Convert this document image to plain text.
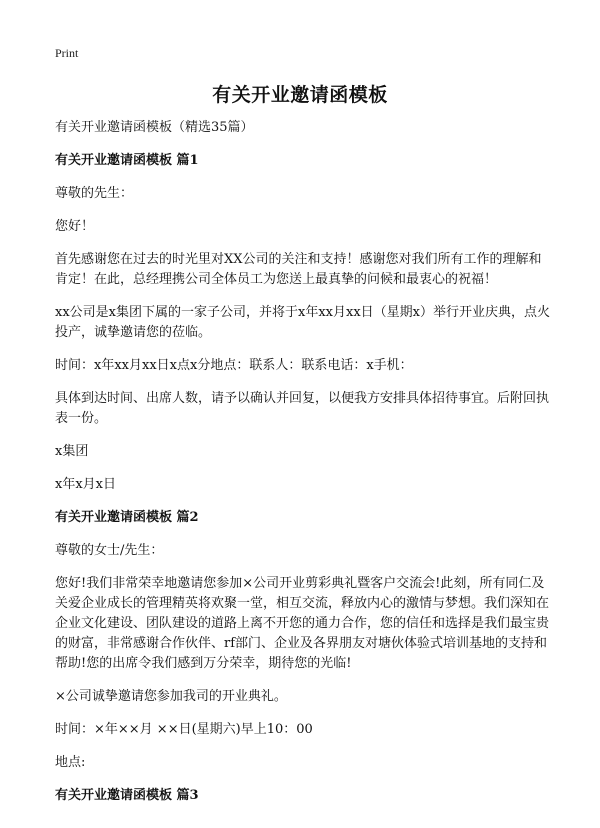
Print
有关开业邀请函模板

有关开业邀请函模板（精选35篇）

有关开业邀请函模板 篇1

尊敬的先生：

您好！

首先感谢您在过去的时光里对XX公司的关注和支持！感谢您对我们所有工作的理解和肯定！在此，总经理携公司全体员工为您送上最真挚的问候和最衷心的祝福！

xx公司是x集团下属的一家子公司，并将于x年xx月xx日（星期x）举行开业庆典，点火投产，诚挚邀请您的莅临。

时间：x年xx月xx日x点x分地点：联系人：联系电话：x手机：

具体到达时间、出席人数，请予以确认并回复，以便我方安排具体招待事宜。后附回执表一份。

x集团

x年x月x日

有关开业邀请函模板 篇2

尊敬的女士/先生：

您好!我们非常荣幸地邀请您参加×公司开业剪彩典礼暨客户交流会!此刻，所有同仁及关爱企业成长的管理精英将欢聚一堂，相互交流，释放内心的激情与梦想。我们深知在企业文化建设、团队建设的道路上离不开您的通力合作，您的信任和选择是我们最宝贵的财富，非常感谢合作伙伴、rf部门、企业及各界朋友对塘伙体验式培训基地的支持和帮助!您的出席令我们感到万分荣幸，期待您的光临!

×公司诚挚邀请您参加我司的开业典礼。

时间：×年××月 ××日(星期六)早上10：00

地点:

有关开业邀请函模板 篇3
